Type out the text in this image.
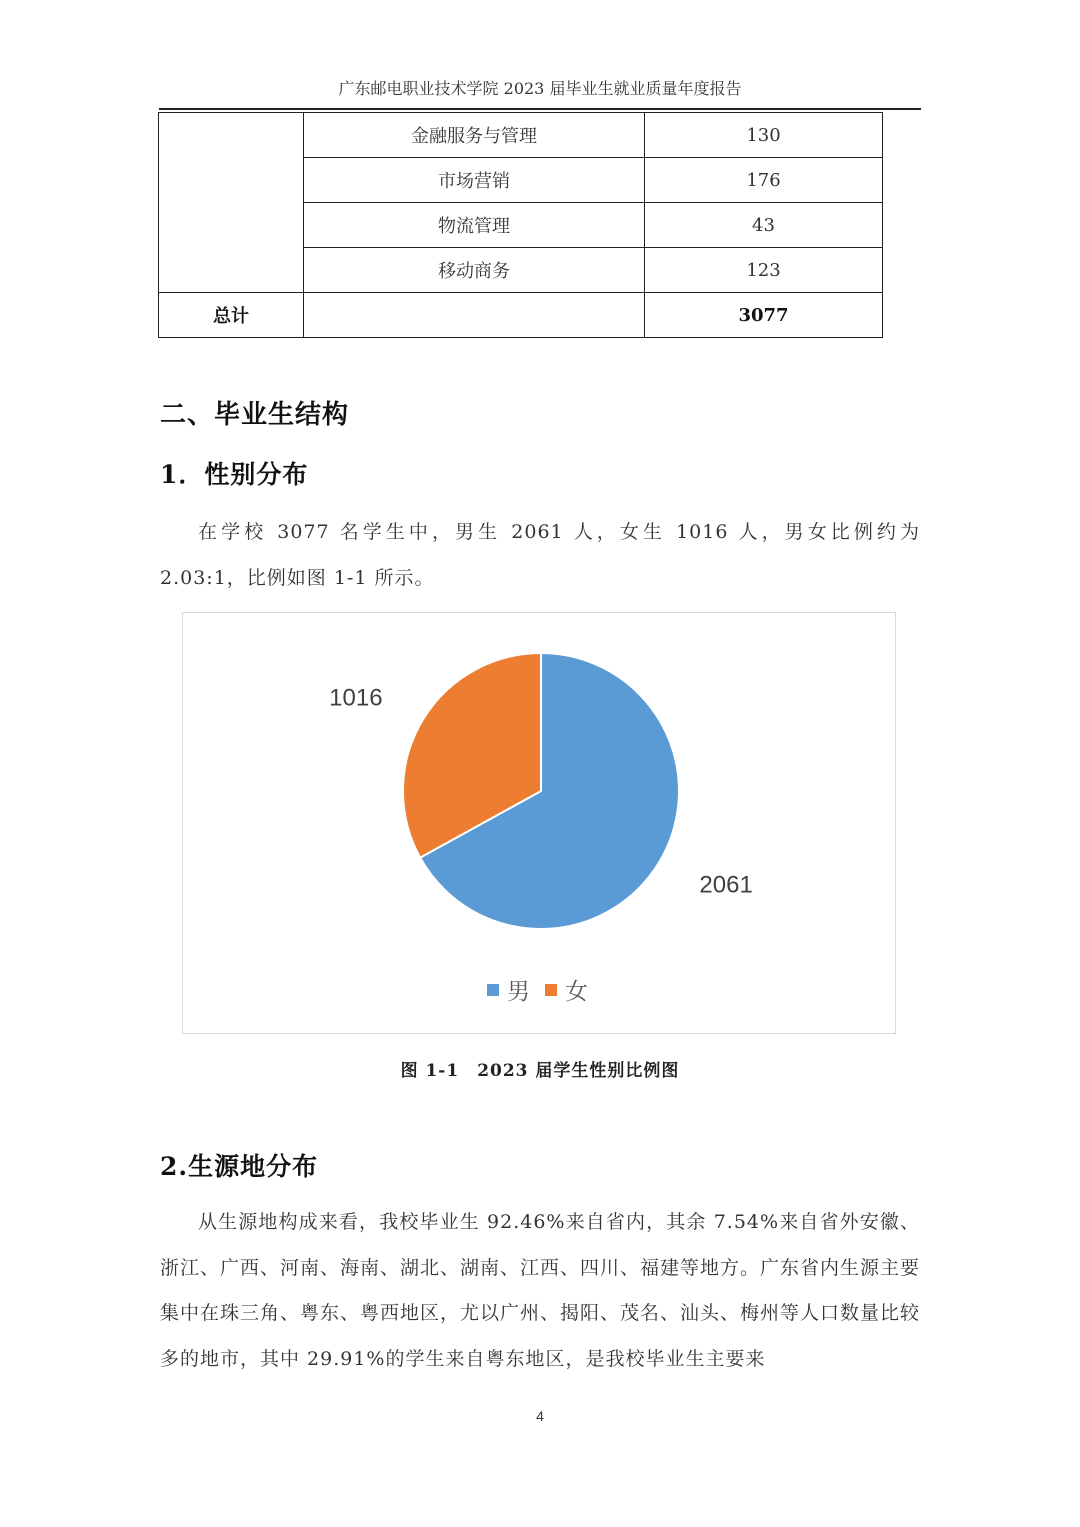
广东邮电职业技术学院 2023 届毕业生就业质量年度报告
	金融服务与管理	130
	市场营销	176
	物流管理	43
	移动商务	123
总计		3077
二、毕业生结构
1．性别分布

在学校 3077 名学生中，男生 2061 人，女生 1016 人，男女比例约为 2.03:1，比例如图 1-1 所示。

2061
1016
男 女
图 1-1　2023 届学生性别比例图
2.生源地分布

从生源地构成来看，我校毕业生 92.46%来自省内，其余 7.54%来自省外安徽、浙江、广西、河南、海南、湖北、湖南、江西、四川、福建等地方。广东省内生源主要集中在珠三角、粤东、粤西地区，尤以广州、揭阳、茂名、汕头、梅州等人口数量比较多的地市，其中 29.91%的学生来自粤东地区，是我校毕业生主要来

4
